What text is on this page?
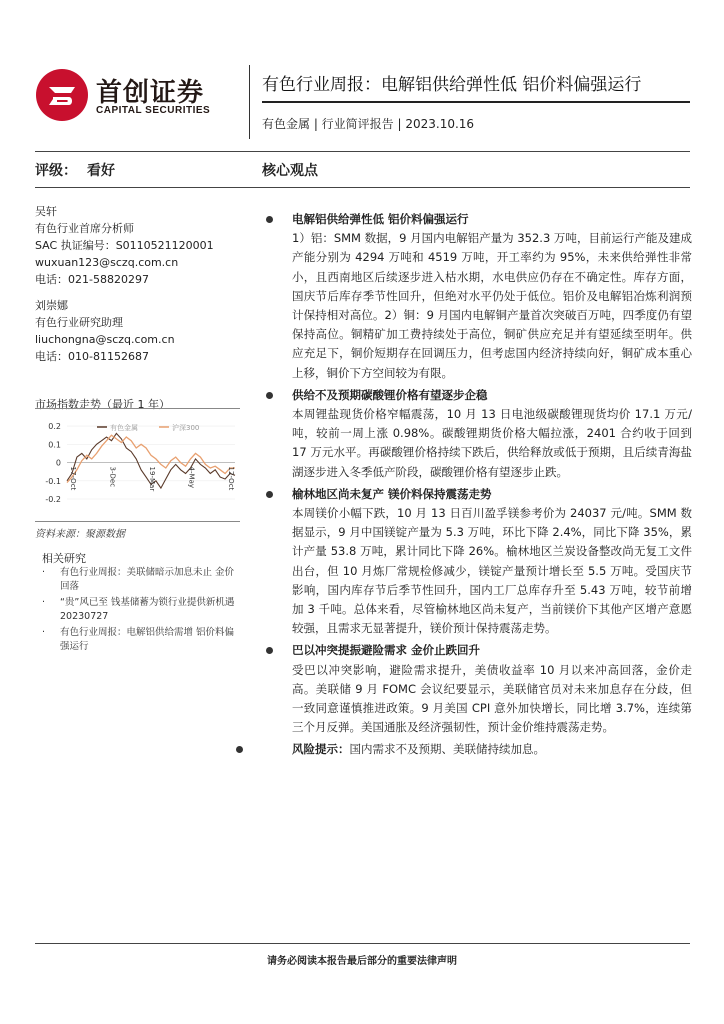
首创证券
CAPITAL SECURITIES
有色行业周报：电解铝供给弹性低 铝价料偏强运行
有色金属 | 行业简评报告 | 2023.10.16
评级： 看好	核心观点
吴轩
有色行业首席分析师
SAC 执证编号：S0110521120001
wuxuan123@sczq.com.cn
电话：021-58820297
刘崇娜
有色行业研究助理
liuchongna@sczq.com.cn
电话：010-81152687
市场指数走势（最近 1 年）
0.2
0.1
0
-0.1
-0.2
有色金属	沪深300
17-Oct	3-Dec	19-Mar	4-May	12-Oct
资料来源：聚源数据
相关研究
· 有色行业周报：美联储暗示加息未止 金价回落
· “贵”风已至 钱基储蓄为锁行业提供新机遇 20230727
· 有色行业周报：电解铝供给需增 铝价料偏强运行
电解铝供给弹性低 铝价料偏强运行
1）铝：SMM 数据，9 月国内电解铝产量为 352.3 万吨，目前运行产能及建成产能分别为 4294 万吨和 4519 万吨，开工率约为 95%，未来供给弹性非常小，且西南地区后续逐步进入枯水期，水电供应仍存在不确定性。库存方面，国庆节后库存季节性回升，但绝对水平仍处于低位。铝价及电解铝冶炼利润预计保持相对高位。2）铜：9 月国内电解铜产量首次突破百万吨，四季度仍有望保持高位。铜精矿加工费持续处于高位，铜矿供应充足并有望延续至明年。供应充足下，铜价短期存在回调压力，但考虑国内经济持续向好，铜矿成本重心上移，铜价下方空间较为有限。
供给不及预期碳酸锂价格有望逐步企稳
本周锂盐现货价格窄幅震荡，10 月 13 日电池级碳酸锂现货均价 17.1 万元/吨，较前一周上涨 0.98%。碳酸锂期货价格大幅拉涨，2401 合约收于回到 17 万元水平。再碳酸锂价格持续下跌后，供给释放或低于预期，且后续青海盐湖逐步进入冬季低产阶段，碳酸锂价格有望逐步止跌。
榆林地区尚未复产 镁价料保持震荡走势
本周镁价小幅下跌，10 月 13 日百川盈孚镁参考价为 24037 元/吨。SMM 数据显示，9 月中国镁锭产量为 5.3 万吨，环比下降 2.4%，同比下降 35%，累计产量 53.8 万吨，累计同比下降 26%。榆林地区兰炭设备整改尚无复工文件出台，但 10 月炼厂常规检修减少，镁锭产量预计增长至 5.5 万吨。受国庆节影响，国内库存节后季节性回升，国内工厂总库存升至 5.43 万吨，较节前增加 3 千吨。总体来看，尽管榆林地区尚未复产，当前镁价下其他产区增产意愿较强，且需求无显著提升，镁价预计保持震荡走势。
巴以冲突提振避险需求 金价止跌回升
受巴以冲突影响，避险需求提升，美债收益率 10 月以来冲高回落，金价走高。美联储 9 月 FOMC 会议纪要显示，美联储官员对未来加息存在分歧，但一致同意谨慎推进政策。9 月美国 CPI 意外加快增长，同比增 3.7%，连续第三个月反弹。美国通胀及经济强韧性，预计金价维持震荡走势。
风险提示：国内需求不及预期、美联储持续加息。
请务必阅读本报告最后部分的重要法律声明
